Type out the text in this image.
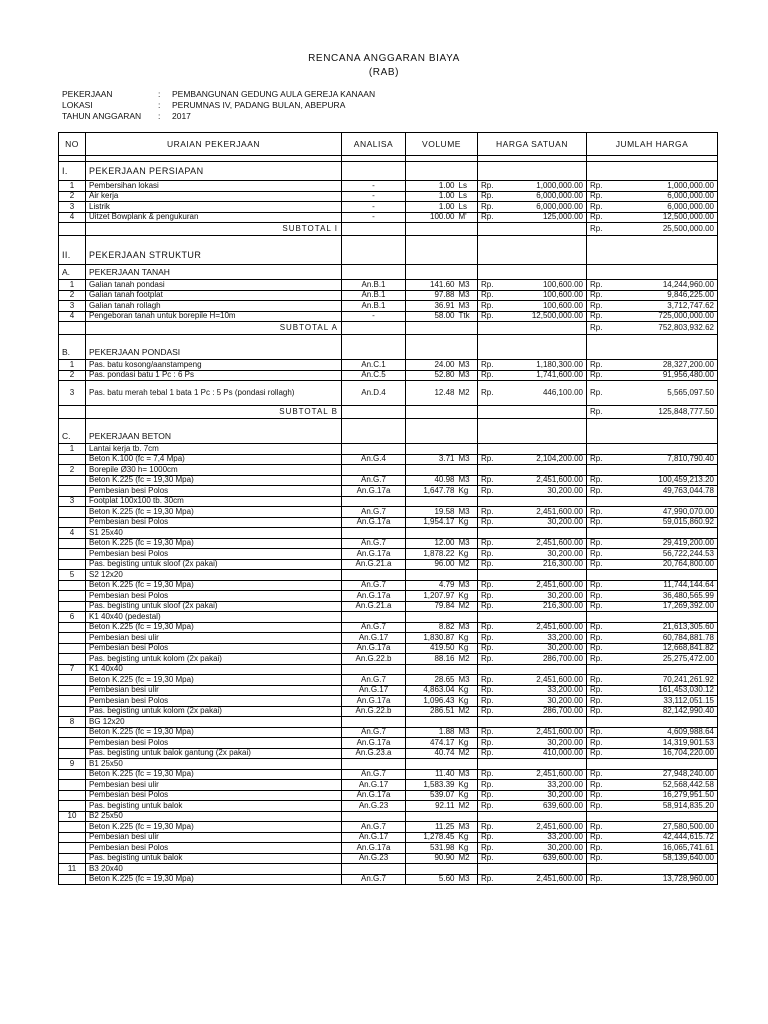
RENCANA ANGGARAN BIAYA
(RAB)
PEKERJAAN	: PEMBANGUNAN GEDUNG AULA GEREJA KANAAN
LOKASI	: PERUMNAS IV, PADANG BULAN, ABEPURA
TAHUN ANGGARAN : 2017
NO	URAIAN PEKERJAAN	ANALISA	VOLUME		HARGA SATUAN		JUMLAH HARGA	

I.	PEKERJAAN PERSIAPAN							
1	Pembersihan lokasi	-	1.00	Ls	Rp.	1,000,000.00	Rp.	1,000,000.00
2	Air kerja	-	1.00	Ls	Rp.	6,000,000.00	Rp.	6,000,000.00
3	Listrik	-	1.00	Ls	Rp.	6,000,000.00	Rp.	6,000,000.00
4	Uitzet Bowplank & pengukuran	-	100.00	M'	Rp.	125,000.00	Rp.	12,500,000.00
	SUBTOTAL I						Rp.	25,500,000.00

II.	PEKERJAAN STRUKTUR							
A.	PEKERJAAN TANAH							
1	Galian tanah pondasi	An.B.1	141.60	M3	Rp.	100,600.00	Rp.	14,244,960.00
2	Galian tanah footplat	An.B.1	97.88	M3	Rp.	100,600.00	Rp.	9,846,225.00
3	Galian tanah rollagh	An.B.1	36.91	M3	Rp.	100,600.00	Rp.	3,712,747.62
4	Pengeboran tanah untuk borepile H=10m	-	58.00	Ttk	Rp.	12,500,000.00	Rp.	725,000,000.00
	SUBTOTAL A						Rp.	752,803,932.62

B.	PEKERJAAN PONDASI							
1	Pas. batu kosong/aanstampeng	An.C.1	24.00	M3	Rp.	1,180,300.00	Rp.	28,327,200.00
2	Pas. pondasi batu 1 Pc : 6 Ps	An.C.5	52.80	M3	Rp.	1,741,600.00	Rp.	91,956,480.00
3	Pas. batu merah tebal 1 bata 1 Pc : 5 Ps (pondasi rollagh)	An.D.4	12.48	M2	Rp.	446,100.00	Rp.	5,565,097.50
	SUBTOTAL B						Rp.	125,848,777.50

C.	PEKERJAAN BETON							
1	Lantai kerja tb. 7cm							
	Beton K.100 (fc = 7,4 Mpa)	An.G.4	3.71	M3	Rp.	2,104,200.00	Rp.	7,810,790.40
2	Borepile Ø30 h= 1000cm							
	Beton K.225 (fc = 19,30 Mpa)	An.G.7	40.98	M3	Rp.	2,451,600.00	Rp.	100,459,213.20
	Pembesian besi Polos	An.G.17a	1,647.78	Kg	Rp.	30,200.00	Rp.	49,763,044.78
3	Footplat 100x100 tb. 30cm							
	Beton K.225 (fc = 19,30 Mpa)	An.G.7	19.58	M3	Rp.	2,451,600.00	Rp.	47,990,070.00
	Pembesian besi Polos	An.G.17a	1,954.17	Kg	Rp.	30,200.00	Rp.	59,015,860.92
4	S1 25x40							
	Beton K.225 (fc = 19,30 Mpa)	An.G.7	12.00	M3	Rp.	2,451,600.00	Rp.	29,419,200.00
	Pembesian besi Polos	An.G.17a	1,878.22	Kg	Rp.	30,200.00	Rp.	56,722,244.53
	Pas. begisting untuk sloof (2x pakai)	An.G.21.a	96.00	M2	Rp.	216,300.00	Rp.	20,764,800.00
5	S2 12x20							
	Beton K.225 (fc = 19,30 Mpa)	An.G.7	4.79	M3	Rp.	2,451,600.00	Rp.	11,744,144.64
	Pembesian besi Polos	An.G.17a	1,207.97	Kg	Rp.	30,200.00	Rp.	36,480,565.99
	Pas. begisting untuk sloof (2x pakai)	An.G.21.a	79.84	M2	Rp.	216,300.00	Rp.	17,269,392.00
6	K1 40x40 (pedestal)							
	Beton K.225 (fc = 19,30 Mpa)	An.G.7	8.82	M3	Rp.	2,451,600.00	Rp.	21,613,305.60
	Pembesian besi ulir	An.G.17	1,830.87	Kg	Rp.	33,200.00	Rp.	60,784,881.78
	Pembesian besi Polos	An.G.17a	419.50	Kg	Rp.	30,200.00	Rp.	12,668,841.82
	Pas. begisting untuk kolom (2x pakai)	An.G.22.b	88.16	M2	Rp.	286,700.00	Rp.	25,275,472.00
7	K1 40x40							
	Beton K.225 (fc = 19,30 Mpa)	An.G.7	28.65	M3	Rp.	2,451,600.00	Rp.	70,241,261.92
	Pembesian besi ulir	An.G.17	4,863.04	Kg	Rp.	33,200.00	Rp.	161,453,030.12
	Pembesian besi Polos	An.G.17a	1,096.43	Kg	Rp.	30,200.00	Rp.	33,112,051.15
	Pas. begisting untuk kolom (2x pakai)	An.G.22.b	286.51	M2	Rp.	286,700.00	Rp.	82,142,990.40
8	BG 12x20							
	Beton K.225 (fc = 19,30 Mpa)	An.G.7	1.88	M3	Rp.	2,451,600.00	Rp.	4,609,988.64
	Pembesian besi Polos	An.G.17a	474.17	Kg	Rp.	30,200.00	Rp.	14,319,901.53
	Pas. begisting untuk balok gantung (2x pakai)	An.G.23.a	40.74	M2	Rp.	410,000.00	Rp.	16,704,220.00
9	B1 25x50							
	Beton K.225 (fc = 19,30 Mpa)	An.G.7	11.40	M3	Rp.	2,451,600.00	Rp.	27,948,240.00
	Pembesian besi ulir	An.G.17	1,583.39	Kg	Rp.	33,200.00	Rp.	52,568,442.58
	Pembesian besi Polos	An.G.17a	539.07	Kg	Rp.	30,200.00	Rp.	16,279,951.50
	Pas. begisting untuk balok	An.G.23	92.11	M2	Rp.	639,600.00	Rp.	58,914,835.20
10	B2 25x50							
	Beton K.225 (fc = 19,30 Mpa)	An.G.7	11.25	M3	Rp.	2,451,600.00	Rp.	27,580,500.00
	Pembesian besi ulir	An.G.17	1,278.45	Kg	Rp.	33,200.00	Rp.	42,444,615.72
	Pembesian besi Polos	An.G.17a	531.98	Kg	Rp.	30,200.00	Rp.	16,065,741.61
	Pas. begisting untuk balok	An.G.23	90.90	M2	Rp.	639,600.00	Rp.	58,139,640.00
11	B3 20x40							
	Beton K.225 (fc = 19,30 Mpa)	An.G.7	5.60	M3	Rp.	2,451,600.00	Rp.	13,728,960.00
